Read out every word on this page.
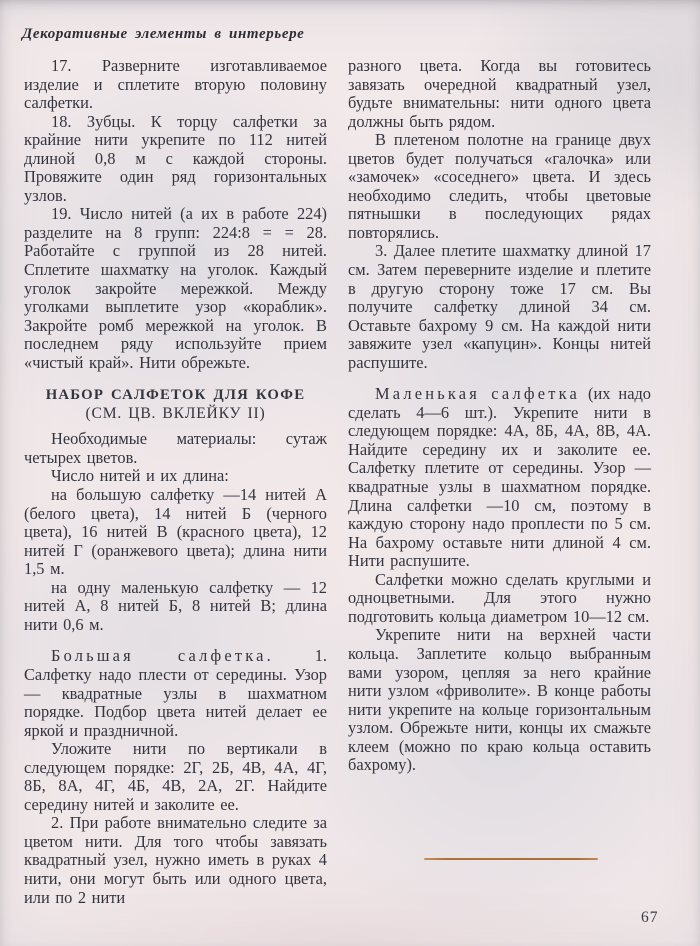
Декоративные элементы в интерьере

17. Разверните изготавливаемое изделие и сплетите вторую половину салфетки.

18. Зубцы. К торцу салфетки за крайние нити укрепите по 112 нитей длиной 0,8 м с каждой стороны. Провяжите один ряд горизонтальных узлов.

19. Число нитей (а их в работе 224) разделите на 8 групп: 224:8 = = 28. Работайте с группой из 28 нитей. Сплетите шахматку на уголок. Каждый уголок закройте мережкой. Между уголками выплетите узор «кораблик». Закройте ромб мережкой на уголок. В последнем ряду используйте прием «чистый край». Нити обрежьте.

НАБОР САЛФЕТОК ДЛЯ КОФЕ

(СМ. ЦВ. ВКЛЕЙКУ II)

Необходимые материалы: сутаж четырех цветов.

Число нитей и их длина:

на большую салфетку —14 нитей А (белого цвета), 14 нитей Б (черного цвета), 16 нитей В (красного цвета), 12 нитей Г (оранжевого цвета); длина нити 1,5 м.

на одну маленькую салфетку — 12 нитей А, 8 нитей Б, 8 нитей В; длина нити 0,6 м.

Большая салфетка. 1. Салфетку надо плести от середины. Узор — квадратные узлы в шахматном порядке. Подбор цвета нитей делает ее яркой и праздничной.

Уложите нити по вертикали в следующем порядке: 2Г, 2Б, 4В, 4А, 4Г, 8Б, 8А, 4Г, 4Б, 4В, 2А, 2Г. Найдите середину нитей и заколите ее.

2. При работе внимательно следите за цветом нити. Для того чтобы завязать квадратный узел, нужно иметь в руках 4 нити, они могут быть или одного цвета, или по 2 нити

разного цвета. Когда вы готовитесь завязать очередной квадратный узел, будьте внимательны: нити одного цвета должны быть рядом.

В плетеном полотне на границе двух цветов будет получаться «галочка» или «замочек» «соседнего» цвета. И здесь необходимо следить, чтобы цветовые пятнышки в последующих рядах повторялись.

3. Далее плетите шахматку длиной 17 см. Затем переверните изделие и плетите в другую сторону тоже 17 см. Вы получите салфетку длиной 34 см. Оставьте бахрому 9 см. На каждой нити завяжите узел «капуцин». Концы нитей распушите.

Маленькая салфетка (их надо сделать 4—6 шт.). Укрепите нити в следующем порядке: 4А, 8Б, 4А, 8В, 4А. Найдите середину их и заколите ее. Салфетку плетите от середины. Узор — квадратные узлы в шахматном порядке. Длина салфетки —10 см, поэтому в каждую сторону надо проплести по 5 см. На бахрому оставьте нити длиной 4 см. Нити распушите.

Салфетки можно сделать круглыми и одноцветными. Для этого нужно подготовить кольца диаметром 10—12 см.

Укрепите нити на верхней части кольца. Заплетите кольцо выбранным вами узором, цепляя за него крайние нити узлом «фриволите». В конце работы нити укрепите на кольце горизонтальным узлом. Обрежьте нити, концы их смажьте клеем (можно по краю кольца оставить бахрому).

67
